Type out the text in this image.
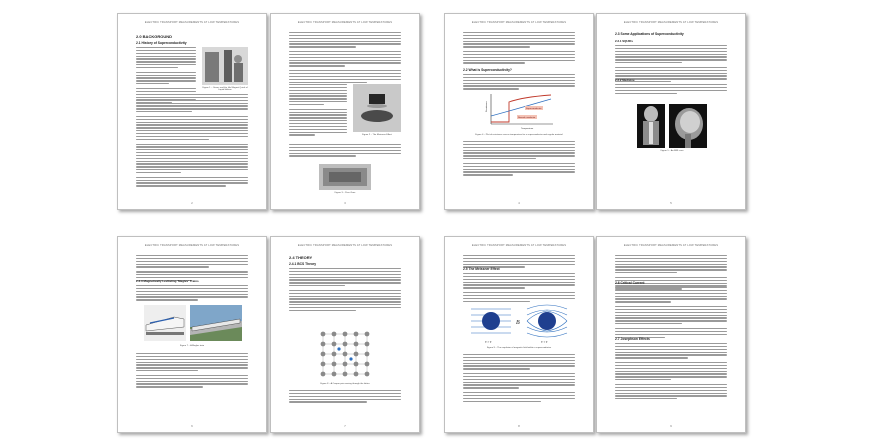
ELECTRIC TRANSPORT MEASUREMENTS AT LOW TEMPERATURES
2.0 BACKGROUND
2.1 History of Superconductivity
Figure 1 – Onnes and the His Magnet Quick of Liquid Helium
2
ELECTRIC TRANSPORT MEASUREMENTS AT LOW TEMPERATURES
Figure 2 – The Meissner Effect
Figure 3 – Pure Zone
3
ELECTRIC TRANSPORT MEASUREMENTS AT LOW TEMPERATURES
2.2 What is Superconductivity?
Superconductor
Normal conductor
Temperature
Resistance
Figure 4 – Plot of resistance versus temperature for a superconductor and regular material
4
ELECTRIC TRANSPORT MEASUREMENTS AT LOW TEMPERATURES
2.3 Some Applications of Superconductivity
2.3.1 SQUIDs
2.3.2 Medicine
Figure 5 – An MRI scan
5
ELECTRIC TRANSPORT MEASUREMENTS AT LOW TEMPERATURES
2.3.3 Magnetically Levitating 'Maglev' Trains
Figure 7 – A Maglev train
6
ELECTRIC TRANSPORT MEASUREMENTS AT LOW TEMPERATURES
2.4 THEORY
2.4.1 BCS Theory
Figure 8 – A Cooper pair moving through the lattice
7
ELECTRIC TRANSPORT MEASUREMENTS AT LOW TEMPERATURES
2.5 The Meissner Effect
B
T > T	T < T
Figure 9 – The expulsion of magnetic field within a superconductor
8
ELECTRIC TRANSPORT MEASUREMENTS AT LOW TEMPERATURES
2.6 Critical Current
2.7 Josephson Effects
9
